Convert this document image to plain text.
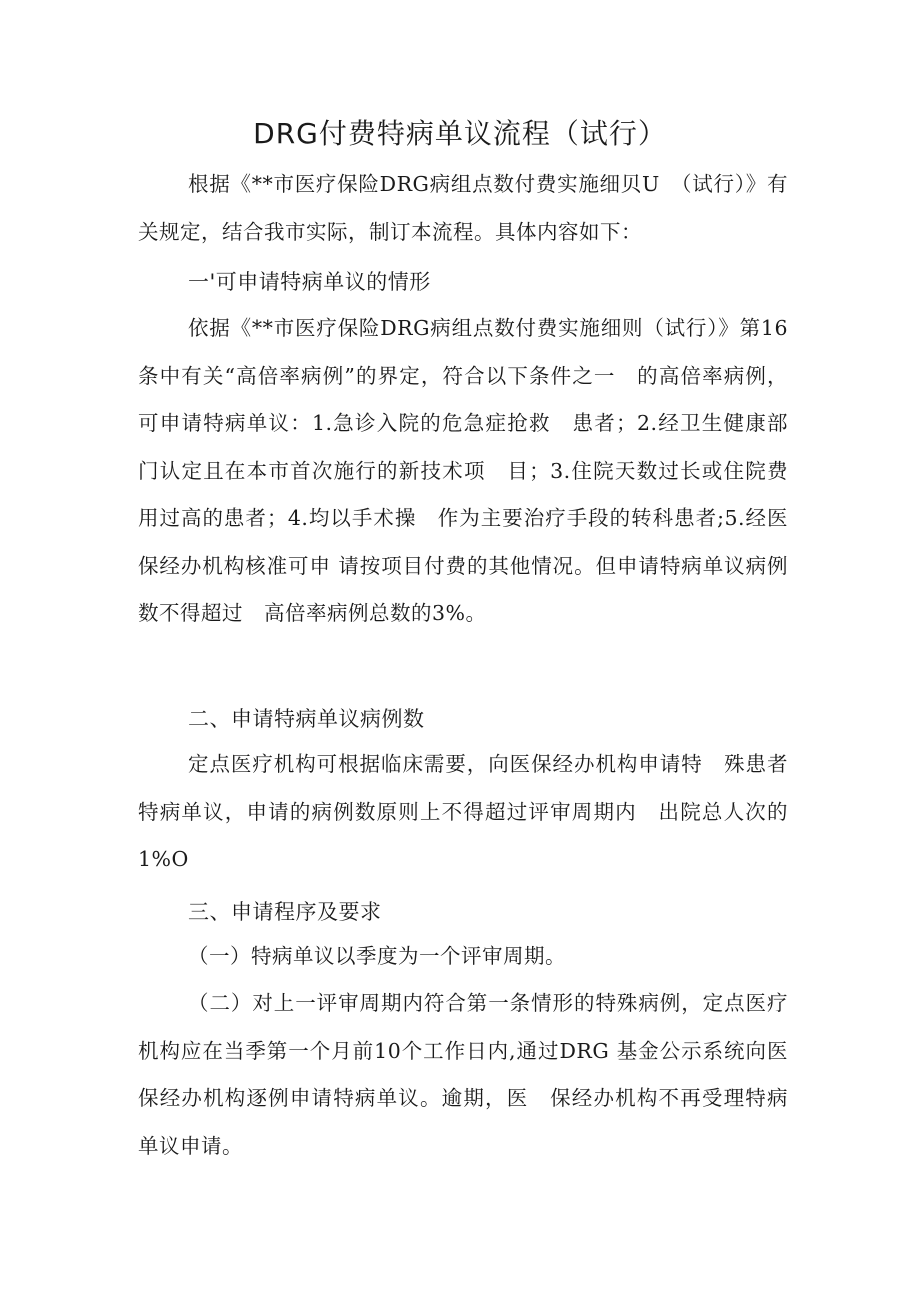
DRG付费特病单议流程（试行）
根据《**市医疗保险DRG病组点数付费实施细贝U　（试行）》有关规定，结合我市实际，制订本流程。具体内容如下：
一'可申请特病单议的情形
依据《**市医疗保险DRG病组点数付费实施细则（试行）》第16条中有关“高倍率病例”的界定，符合以下条件之一　的高倍率病例，可申请特病单议：1.急诊入院的危急症抢救　患者；2.经卫生健康部门认定且在本市首次施行的新技术项　目；3.住院天数过长或住院费用过高的患者；4.均以手术操　作为主要治疗手段的转科患者;5.经医保经办机构核准可申 请按项目付费的其他情况。但申请特病单议病例数不得超过　高倍率病例总数的3%。
二、申请特病单议病例数
定点医疗机构可根据临床需要，向医保经办机构申请特　殊患者特病单议，申请的病例数原则上不得超过评审周期内　出院总人次的1%O
三、申请程序及要求
（一）特病单议以季度为一个评审周期。
（二）对上一评审周期内符合第一条情形的特殊病例，定点医疗机构应在当季第一个月前10个工作日内,通过DRG 基金公示系统向医保经办机构逐例申请特病单议。逾期，医　保经办机构不再受理特病单议申请。
